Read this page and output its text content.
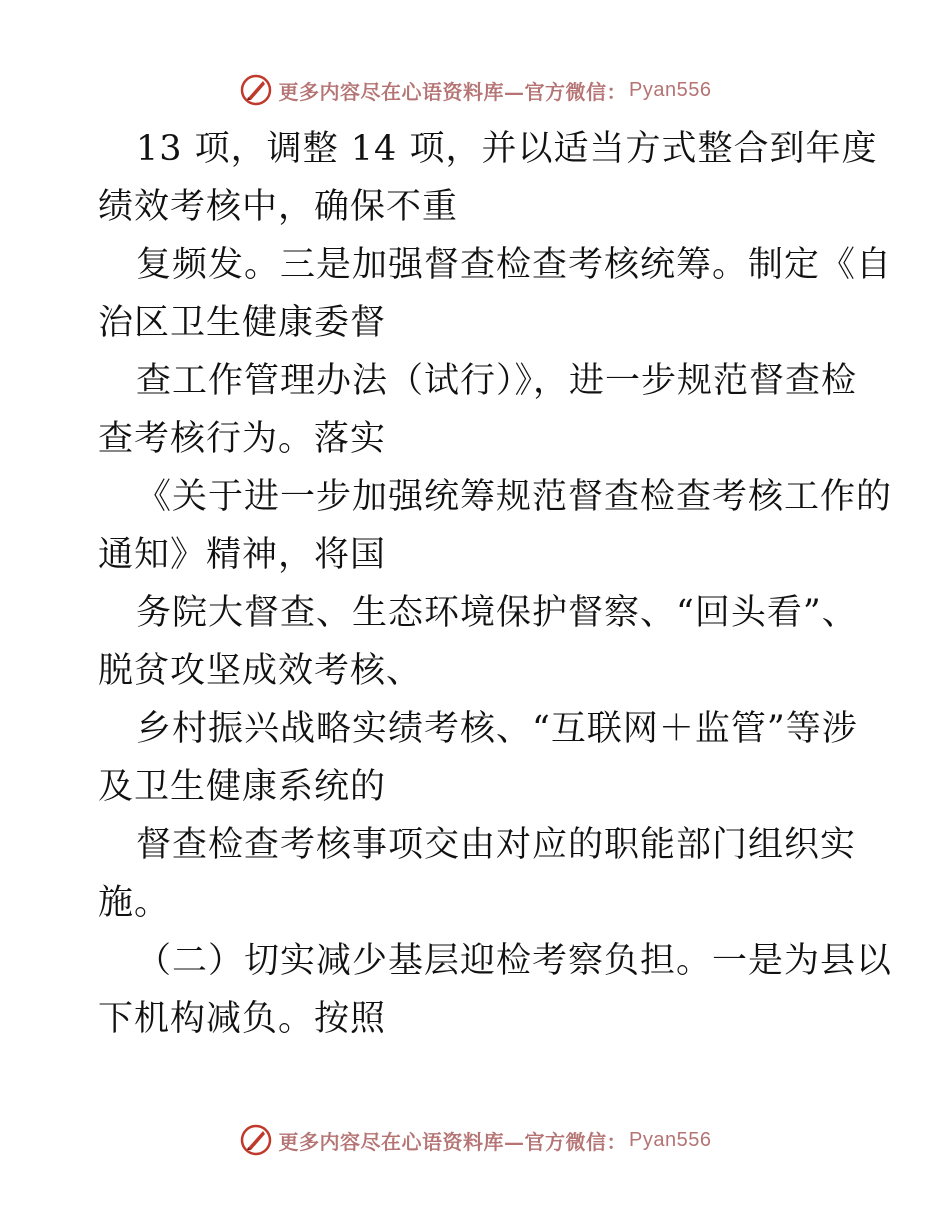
更多内容尽在心语资料库—官方微信： Pyan556
13 项，调整 14 项，并以适当方式整合到年度
绩效考核中，确保不重
复频发。三是加强督查检查考核统筹。制定《自
治区卫生健康委督
查工作管理办法（试行）》，进一步规范督查检
查考核行为。落实
《关于进一步加强统筹规范督查检查考核工作的
通知》精神，将国
务院大督查、生态环境保护督察、“回头看”、
脱贫攻坚成效考核、
乡村振兴战略实绩考核、“互联网＋监管”等涉
及卫生健康系统的
督查检查考核事项交由对应的职能部门组织实
施。
（二）切实减少基层迎检考察负担。一是为县以
下机构减负。按照
更多内容尽在心语资料库—官方微信： Pyan556
